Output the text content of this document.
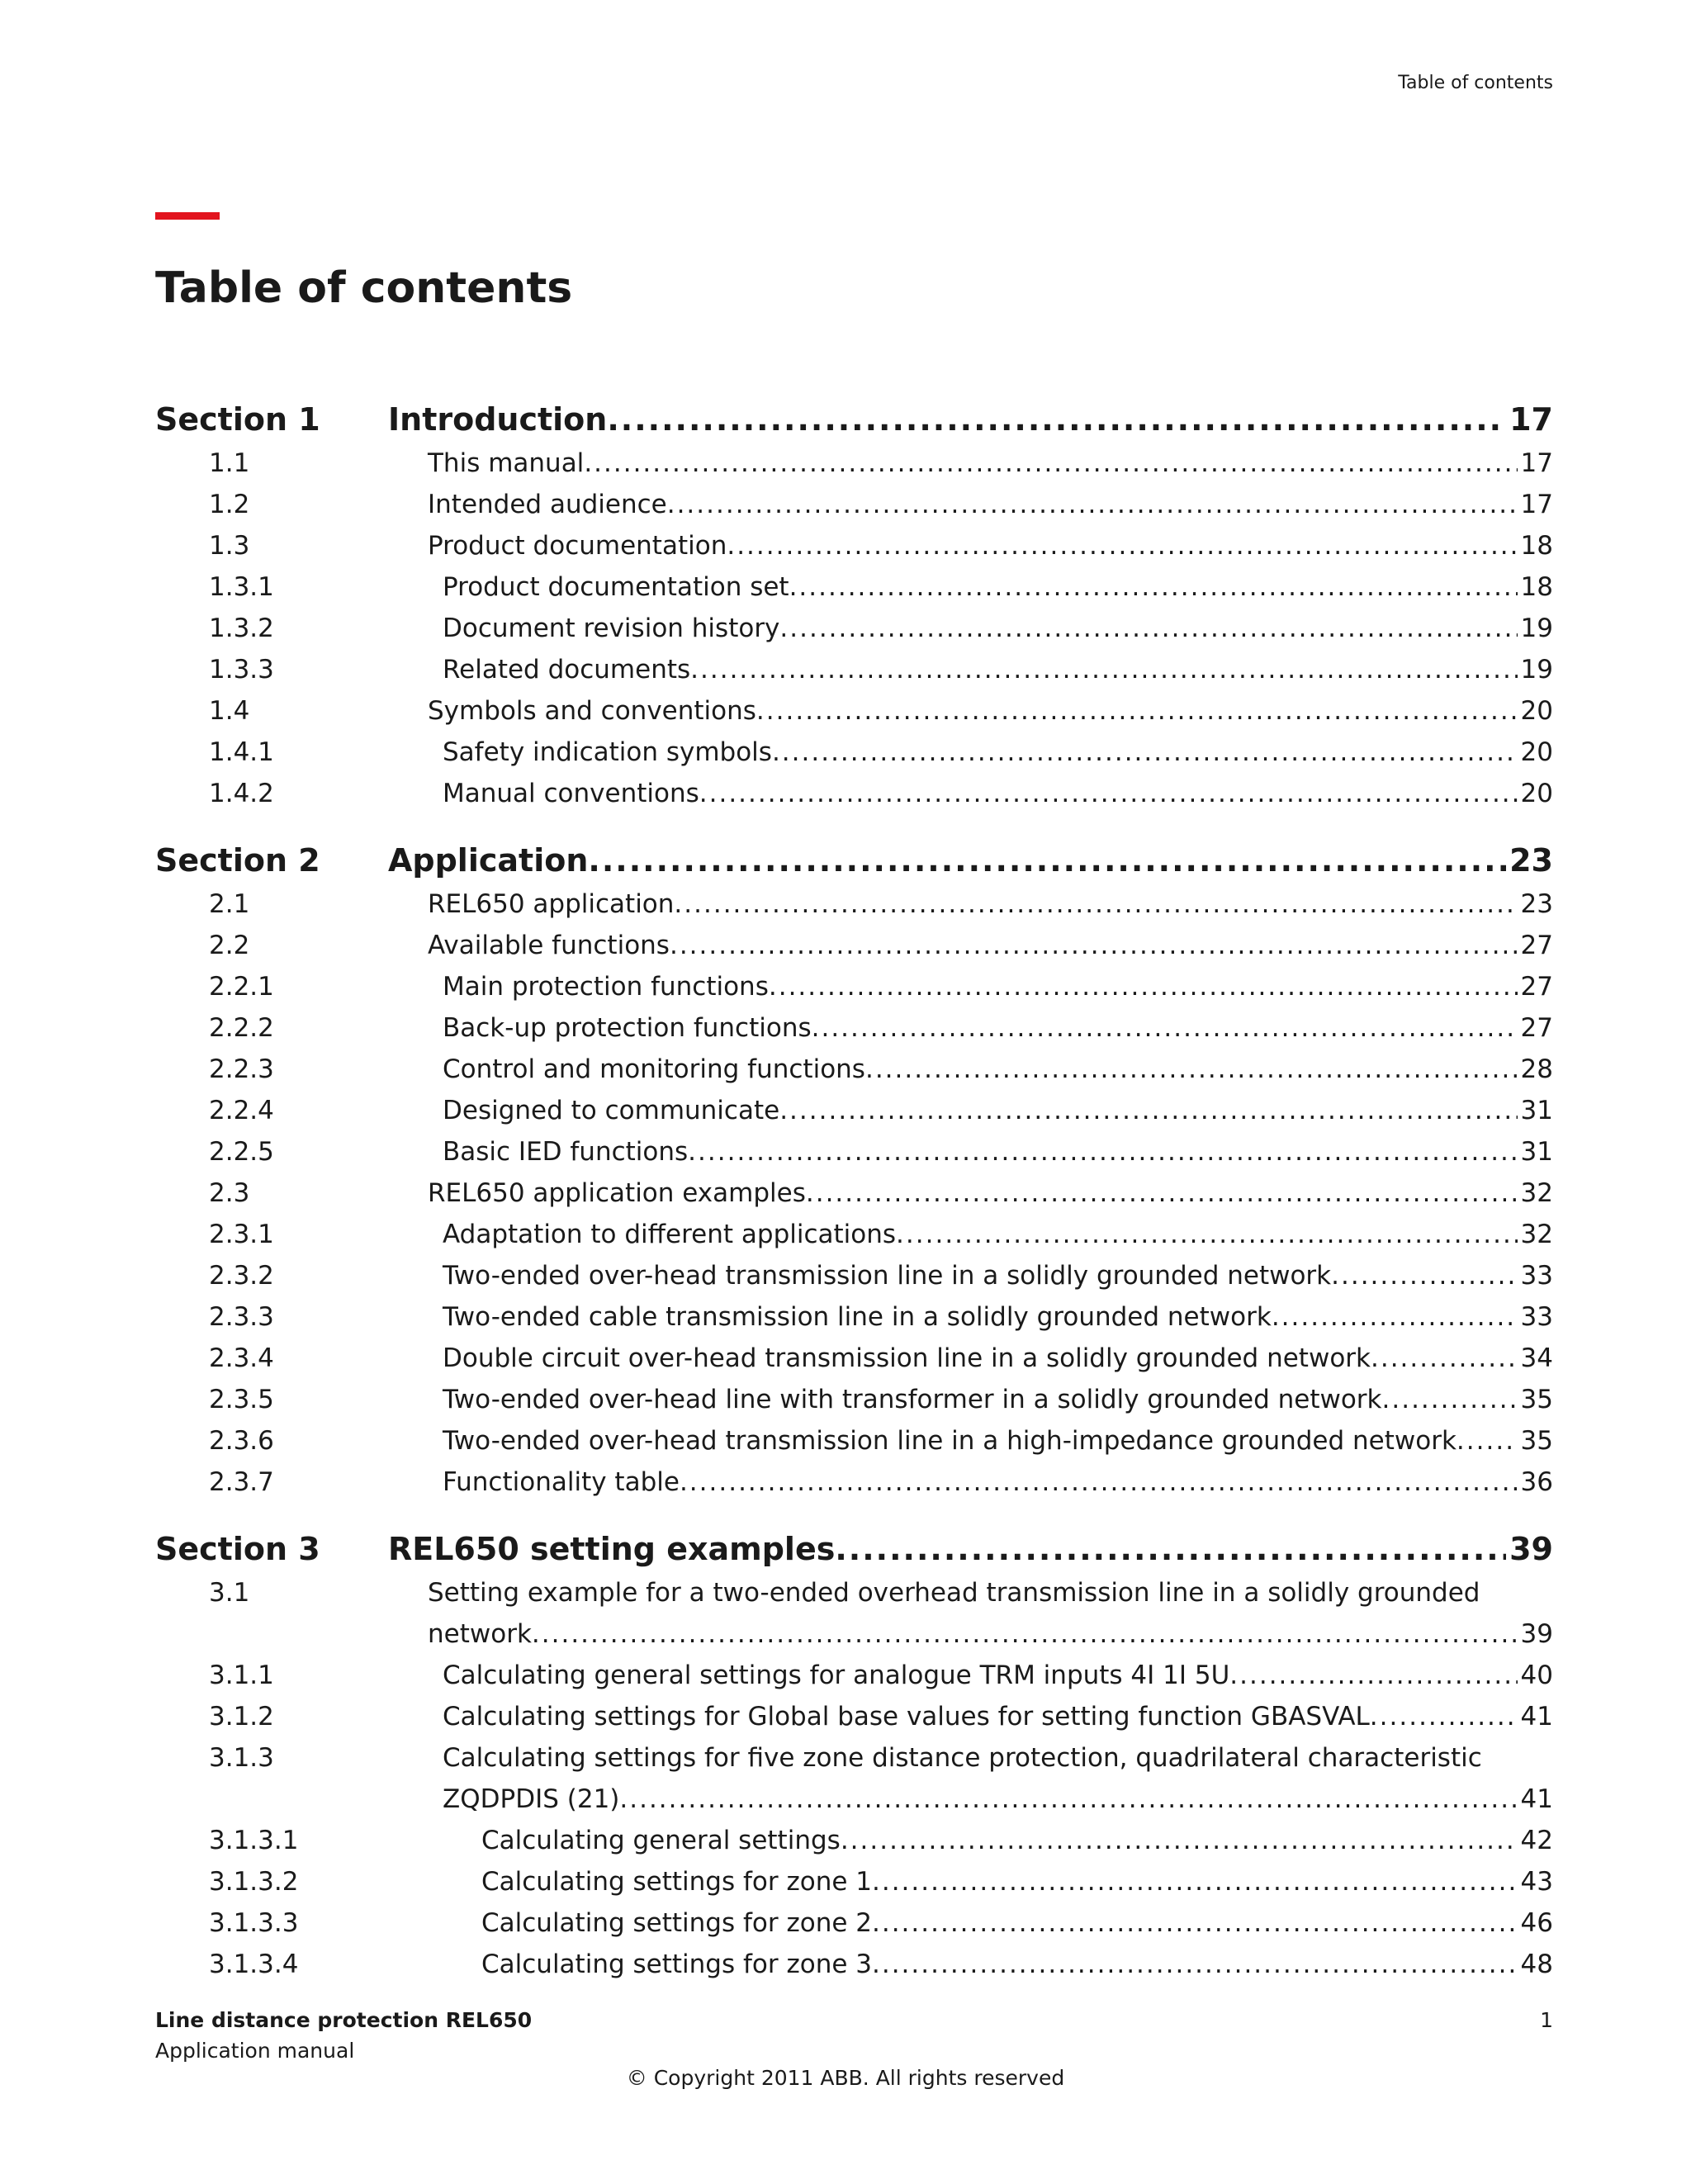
Table of contents
Table of contents
Section 1	Introduction .....	17
1.1	This manual .....	17
1.2	Intended audience .....	17
1.3	Product documentation .....	18
1.3.1	Product documentation set .....	18
1.3.2	Document revision history .....	19
1.3.3	Related documents .....	19
1.4	Symbols and conventions .....	20
1.4.1	Safety indication symbols .....	20
1.4.2	Manual conventions .....	20
Section 2	Application .....	23
2.1	REL650 application .....	23
2.2	Available functions .....	27
2.2.1	Main protection functions .....	27
2.2.2	Back-up protection functions .....	27
2.2.3	Control and monitoring functions .....	28
2.2.4	Designed to communicate .....	31
2.2.5	Basic IED functions .....	31
2.3	REL650 application examples .....	32
2.3.1	Adaptation to different applications .....	32
2.3.2	Two-ended over-head transmission line in a solidly grounded network .....	33
2.3.3	Two-ended cable transmission line in a solidly grounded network .....	33
2.3.4	Double circuit over-head transmission line in a solidly grounded network .....	34
2.3.5	Two-ended over-head line with transformer in a solidly grounded network .....	35
2.3.6	Two-ended over-head transmission line in a high-impedance grounded network .....	35
2.3.7	Functionality table .....	36
Section 3	REL650 setting examples .....	39
3.1	Setting example for a two-ended overhead transmission line in a solidly grounded
network .....	39
3.1.1	Calculating general settings for analogue TRM inputs 4I 1I 5U .....	40
3.1.2	Calculating settings for Global base values for setting function GBASVAL .....	41
3.1.3	Calculating settings for five zone distance protection, quadrilateral characteristic
ZQDPDIS (21) .....	41
3.1.3.1	Calculating general settings .....	42
3.1.3.2	Calculating settings for zone 1 .....	43
3.1.3.3	Calculating settings for zone 2 .....	46
3.1.3.4	Calculating settings for zone 3 .....	48
Line distance protection REL650
Application manual
1
© Copyright 2011 ABB. All rights reserved
